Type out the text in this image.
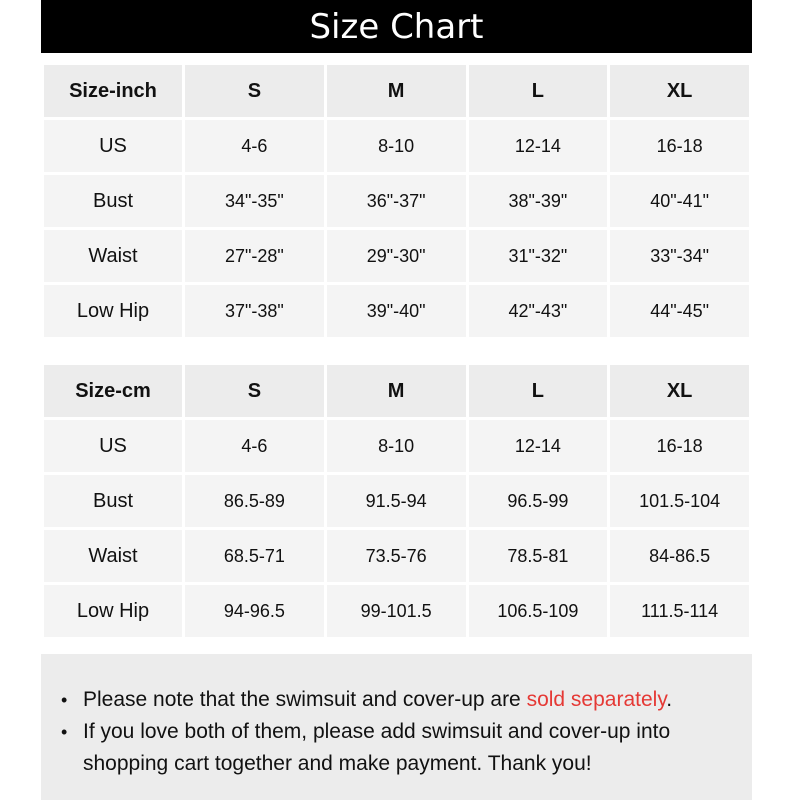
Size Chart
Size-inch	S	M	L	XL
US	4-6	8-10	12-14	16-18
Bust	34"-35"	36"-37"	38"-39"	40"-41"
Waist	27"-28"	29"-30"	31"-32"	33"-34"
Low Hip	37"-38"	39"-40"	42"-43"	44"-45"
Size-cm	S	M	L	XL
US	4-6	8-10	12-14	16-18
Bust	86.5-89	91.5-94	96.5-99	101.5-104
Waist	68.5-71	73.5-76	78.5-81	84-86.5
Low Hip	94-96.5	99-101.5	106.5-109	111.5-114
• Please note that the swimsuit and cover-up are sold separately.
• If you love both of them, please add swimsuit and cover-up into shopping cart together and make payment. Thank you!
